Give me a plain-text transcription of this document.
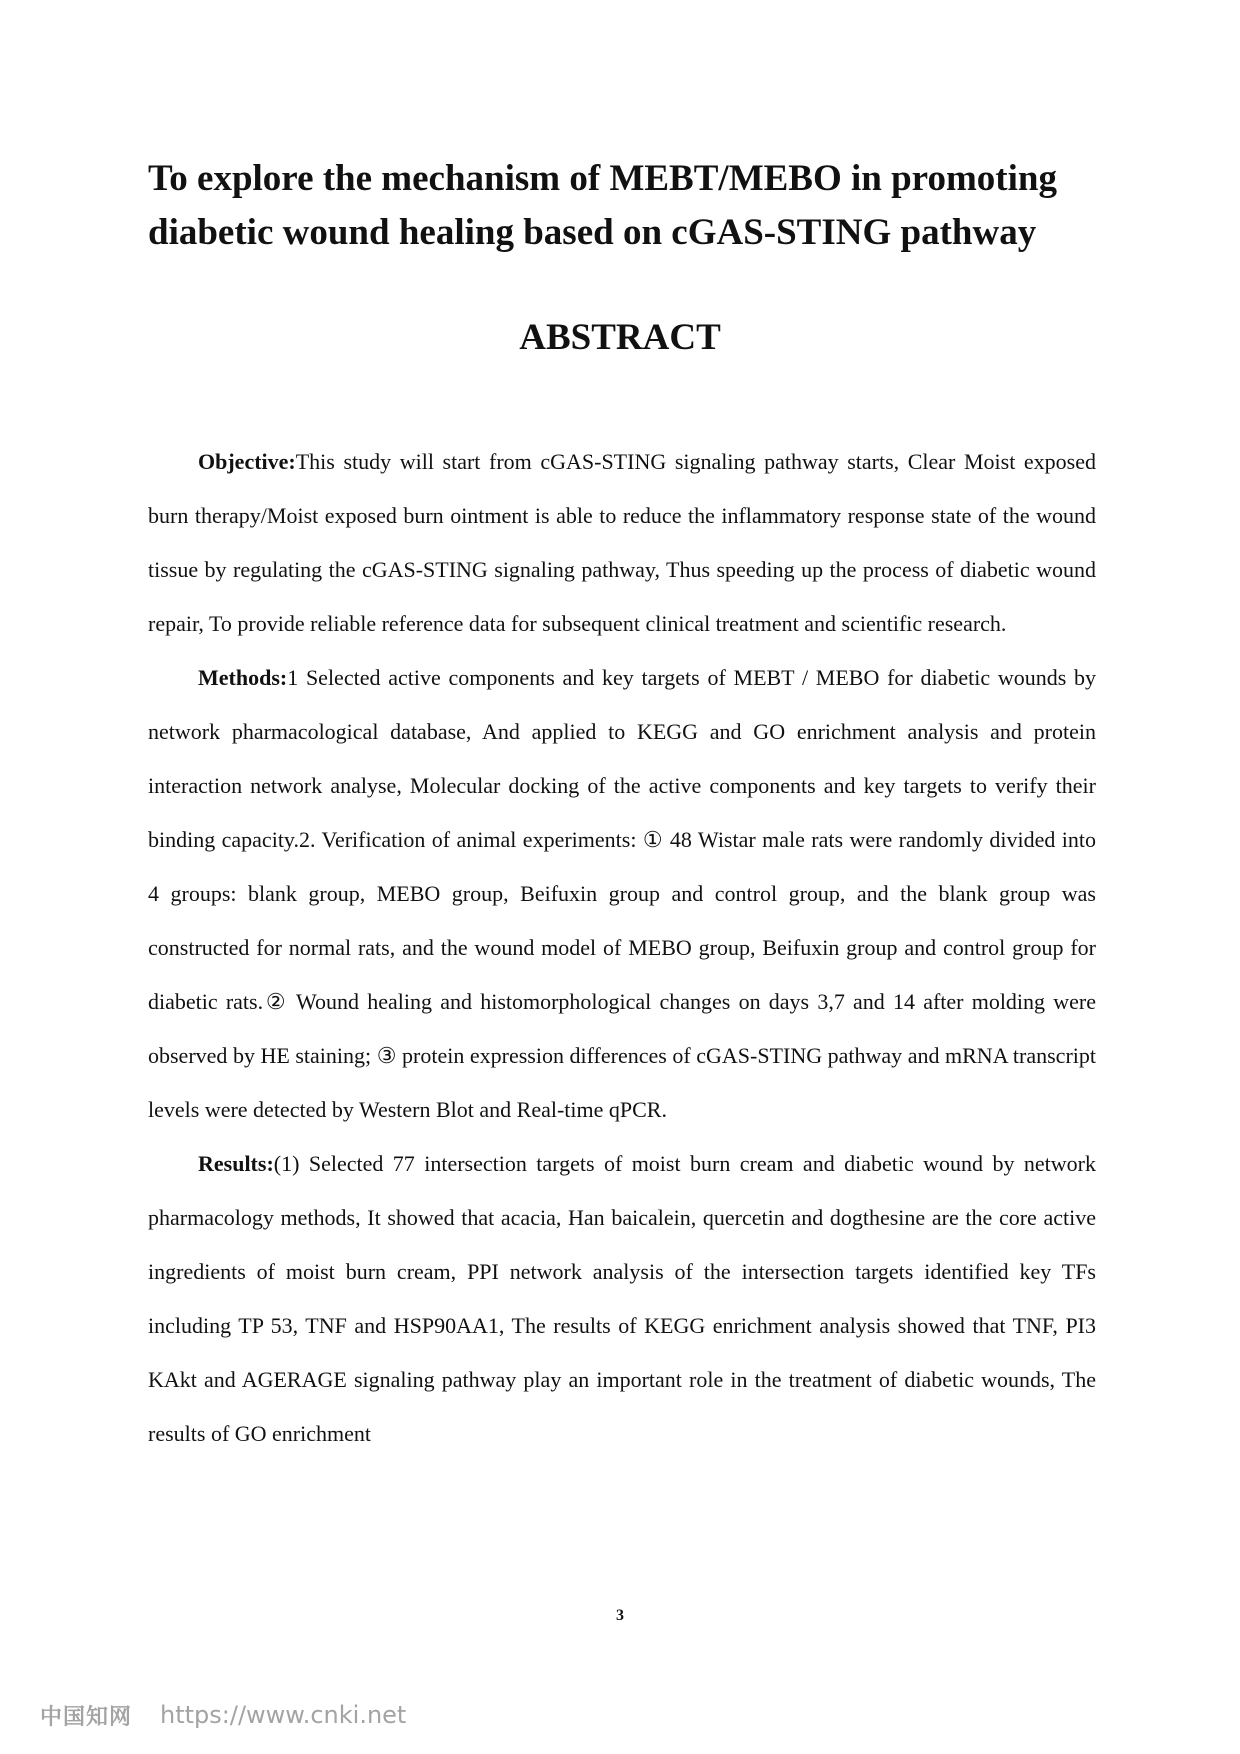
To explore the mechanism of MEBT/MEBO in promoting
diabetic wound healing based on cGAS-STING pathway
ABSTRACT

Objective:This study will start from cGAS-STING signaling pathway starts, Clear Moist exposed burn therapy/Moist exposed burn ointment is able to reduce the inflammatory response state of the wound tissue by regulating the cGAS-STING signaling pathway, Thus speeding up the process of diabetic wound repair, To provide reliable reference data for subsequent clinical treatment and scientific research.

Methods:1 Selected active components and key targets of MEBT / MEBO for diabetic wounds by network pharmacological database, And applied to KEGG and GO enrichment analysis and protein interaction network analyse, Molecular docking of the active components and key targets to verify their binding capacity.2. Verification of animal experiments: ① 48 Wistar male rats were randomly divided into 4 groups: blank group, MEBO group, Beifuxin group and control group, and the blank group was constructed for normal rats, and the wound model of MEBO group, Beifuxin group and control group for diabetic rats.② Wound healing and histomorphological changes on days 3,7 and 14 after molding were observed by HE staining; ③ protein expression differences of cGAS-STING pathway and mRNA transcript levels were detected by Western Blot and Real-time qPCR.

Results:(1) Selected 77 intersection targets of moist burn cream and diabetic wound by network pharmacology methods, It showed that acacia, Han baicalein, quercetin and dogthesine are the core active ingredients of moist burn cream, PPI network analysis of the intersection targets identified key TFs including TP 53, TNF and HSP90AA1, The results of KEGG enrichment analysis showed that TNF, PI3 KAkt and AGERAGE signaling pathway play an important role in the treatment of diabetic wounds, The results of GO enrichment

3
中国知网 https://www.cnki.net
